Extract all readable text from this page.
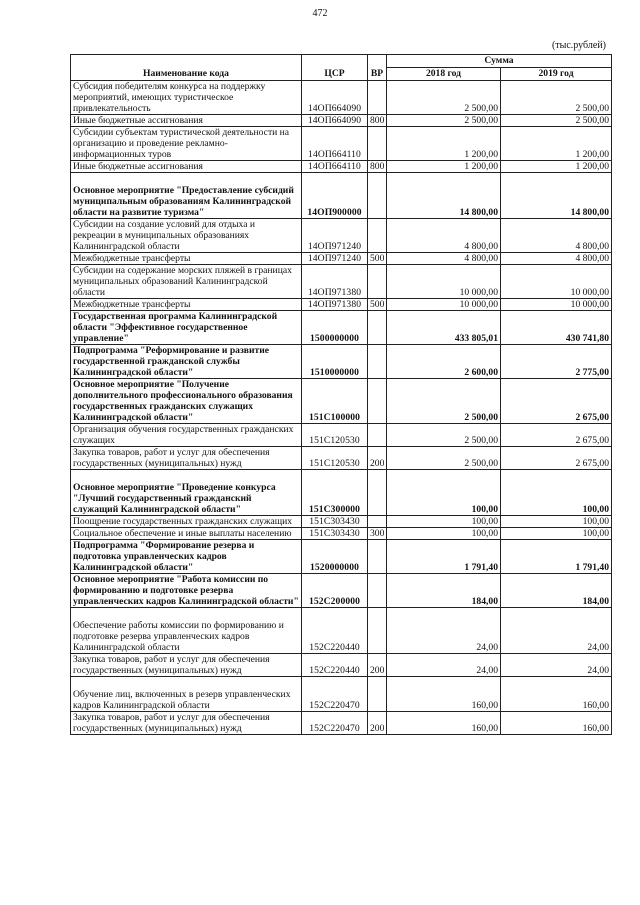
472
(тыс.рублей)
Наименование кода	ЦСР	ВР	Сумма	
			2018 год	2019 год
Субсидия победителям конкурса на поддержку мероприятий, имеющих туристическое привлекательность	14ОП664090		2 500,00	2 500,00
Иные бюджетные ассигнования	14ОП664090	800	2 500,00	2 500,00
Субсидии субъектам туристической деятельности на организацию и проведение рекламно-информационных туров	14ОП664110		1 200,00	1 200,00
Иные бюджетные ассигнования	14ОП664110	800	1 200,00	1 200,00
Основное мероприятие "Предоставление субсидий муниципальным образованиям Калининградской области на развитие туризма"	14ОП900000		14 800,00	14 800,00
Субсидии на создание условий для отдыха и рекреации в муниципальных образованиях Калининградской области	14ОП971240		4 800,00	4 800,00
Межбюджетные трансферты	14ОП971240	500	4 800,00	4 800,00
Субсидии на содержание морских пляжей в границах муниципальных образований Калининградской области	14ОП971380		10 000,00	10 000,00
Межбюджетные трансферты	14ОП971380	500	10 000,00	10 000,00
Государственная программа Калининградской области "Эффективное государственное управление"	1500000000		433 805,01	430 741,80
Подпрограмма "Реформирование и развитие государственной гражданской службы Калининградской области"	1510000000		2 600,00	2 775,00
Основное мероприятие "Получение дополнительного профессионального образования государственных гражданских служащих Калининградской области"	151С100000		2 500,00	2 675,00
Организация обучения государственных гражданских служащих	151С120530		2 500,00	2 675,00
Закупка товаров, работ и услуг для обеспечения государственных (муниципальных) нужд	151С120530	200	2 500,00	2 675,00
Основное мероприятие "Проведение конкурса "Лучший государственный гражданский служащий Калининградской области"	151С300000		100,00	100,00
Поощрение государственных гражданских служащих	151С303430		100,00	100,00
Социальное обеспечение и иные выплаты населению	151С303430	300	100,00	100,00
Подпрограмма "Формирование резерва и подготовка управленческих кадров Калининградской области"	1520000000		1 791,40	1 791,40
Основное мероприятие "Работа комиссии по формированию и подготовке резерва управленческих кадров Калининградской области"	152С200000		184,00	184,00
Обеспечение работы комиссии по формированию и подготовке резерва управленческих кадров Калининградской области	152С220440		24,00	24,00
Закупка товаров, работ и услуг для обеспечения государственных (муниципальных) нужд	152С220440	200	24,00	24,00
Обучение лиц, включенных в резерв управленческих кадров Калининградской области	152С220470		160,00	160,00
Закупка товаров, работ и услуг для обеспечения государственных (муниципальных) нужд	152С220470	200	160,00	160,00
